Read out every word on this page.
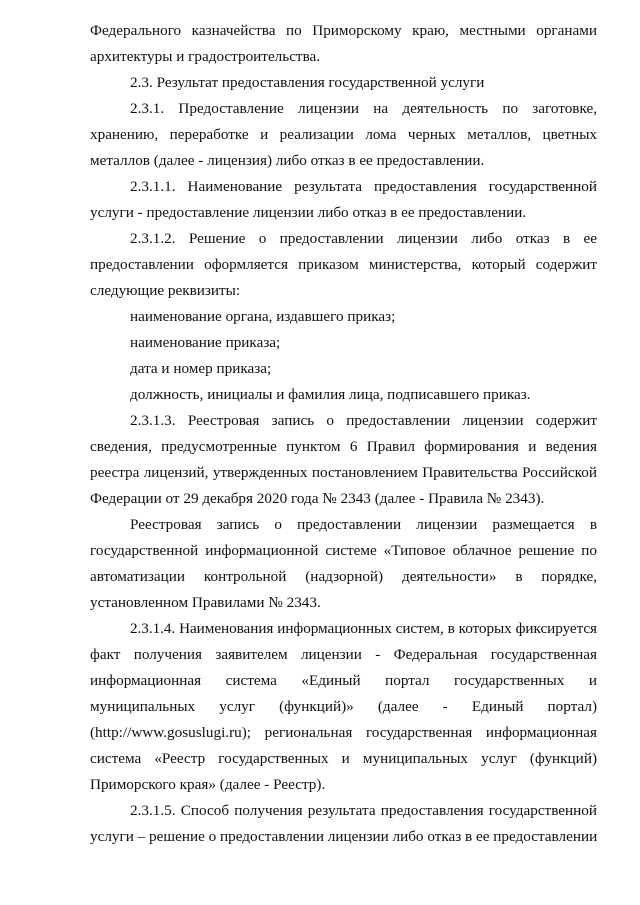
Федерального казначейства по Приморскому краю, местными органами
архитектуры и градостроительства.
2.3. Результат предоставления государственной услуги
2.3.1. Предоставление лицензии на деятельность по заготовке,
хранению, переработке и реализации лома черных металлов, цветных
металлов (далее - лицензия) либо отказ в ее предоставлении.
2.3.1.1. Наименование результата предоставления государственной
услуги - предоставление лицензии либо отказ в ее предоставлении.
2.3.1.2. Решение о предоставлении лицензии либо отказ в ее
предоставлении оформляется приказом министерства, который содержит
следующие реквизиты:
наименование органа, издавшего приказ;
наименование приказа;
дата и номер приказа;
должность, инициалы и фамилия лица, подписавшего приказ.
2.3.1.3. Реестровая запись о предоставлении лицензии содержит
сведения, предусмотренные пунктом 6 Правил формирования и ведения
реестра лицензий, утвержденных постановлением Правительства Российской
Федерации от 29 декабря 2020 года № 2343 (далее - Правила № 2343).
Реестровая запись о предоставлении лицензии размещается в
государственной информационной системе «Типовое облачное решение по
автоматизации контрольной (надзорной) деятельности» в порядке,
установленном Правилами № 2343.
2.3.1.4. Наименования информационных систем, в которых фиксируется
факт получения заявителем лицензии - Федеральная государственная
информационная система «Единый портал государственных и
муниципальных услуг (функций)» (далее - Единый портал)
(http://www.gosuslugi.ru); региональная государственная информационная
система «Реестр государственных и муниципальных услуг (функций)
Приморского края» (далее - Реестр).
2.3.1.5. Способ получения результата предоставления государственной
услуги – решение о предоставлении лицензии либо отказ в ее предоставлении
